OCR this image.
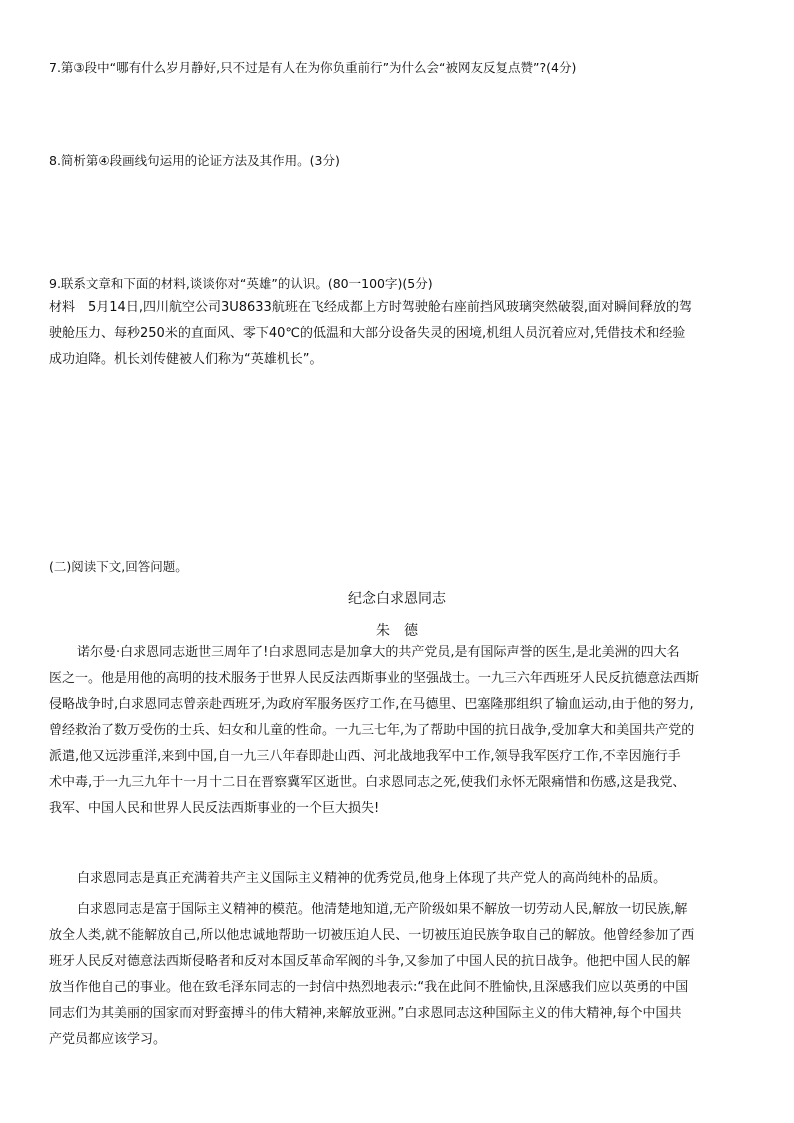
7.第③段中“哪有什么岁月静好,只不过是有人在为你负重前行”为什么会“被网友反复点赞”?(4分)
8.简析第④段画线句运用的论证方法及其作用。(3分)
9.联系文章和下面的材料,谈谈你对“英雄”的认识。(80一100字)(5分)
材料　5月14日,四川航空公司3U8633航班在飞经成都上方时驾驶舱右座前挡风玻璃突然破裂,面对瞬间释放的驾
驶舱压力、每秒250米的直面风、零下40℃的低温和大部分设备失灵的困境,机组人员沉着应对,凭借技术和经验
成功迫降。机长刘传健被人们称为“英雄机长”。
(二)阅读下文,回答问题。
纪念白求恩同志
朱　德
诺尔曼·白求恩同志逝世三周年了!白求恩同志是加拿大的共产党员,是有国际声誉的医生,是北美洲的四大名
医之一。他是用他的高明的技术服务于世界人民反法西斯事业的坚强战士。一九三六年西班牙人民反抗德意法西斯
侵略战争时,白求恩同志曾亲赴西班牙,为政府军服务医疗工作,在马德里、巴塞隆那组织了输血运动,由于他的努力,
曾经救治了数万受伤的士兵、妇女和儿童的性命。一九三七年,为了帮助中国的抗日战争,受加拿大和美国共产党的
派遣,他又远涉重洋,来到中国,自一九三八年春即赴山西、河北战地我军中工作,领导我军医疗工作,不幸因施行手
术中毒,于一九三九年十一月十二日在晋察冀军区逝世。白求恩同志之死,使我们永怀无限痛惜和伤感,这是我党、
我军、中国人民和世界人民反法西斯事业的一个巨大损失!
白求恩同志是真正充满着共产主义国际主义精神的优秀党员,他身上体现了共产党人的高尚纯朴的品质。
白求恩同志是富于国际主义精神的模范。他清楚地知道,无产阶级如果不解放一切劳动人民,解放一切民族,解
放全人类,就不能解放自己,所以他忠诚地帮助一切被压迫人民、一切被压迫民族争取自己的解放。他曾经参加了西
班牙人民反对德意法西斯侵略者和反对本国反革命军阀的斗争,又参加了中国人民的抗日战争。他把中国人民的解
放当作他自己的事业。他在致毛泽东同志的一封信中热烈地表示:“我在此间不胜愉快,且深感我们应以英勇的中国
同志们为其美丽的国家而对野蛮搏斗的伟大精神,来解放亚洲。”白求恩同志这种国际主义的伟大精神,每个中国共
产党员都应该学习。
